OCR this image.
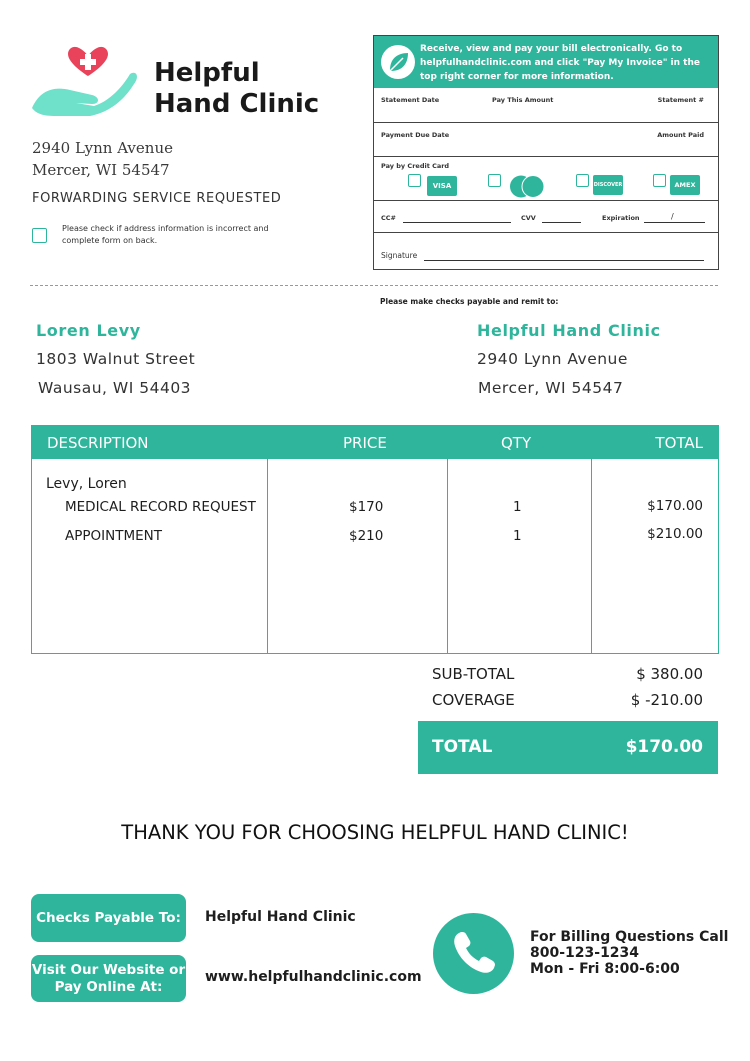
Helpful
Hand Clinic
2940 Lynn Avenue
Mercer, WI 54547
FORWARDING SERVICE REQUESTED
Please check if address information is incorrect and complete form on back.
Receive, view and pay your bill electronically. Go to helpfulhandclinic.com and click "Pay My Invoice" in the top right corner for more information.
Statement Date	Pay This Amount	Statement #
Payment Due Date	Amount Paid
Pay by Credit Card
VISA	DISCOVER	AMEX
CC#	CVV	Expiration	/
Signature
Please make checks payable and remit to:
Loren Levy
1803 Walnut Street
Wausau, WI 54403
Helpful Hand Clinic
2940 Lynn Avenue
Mercer, WI 54547
DESCRIPTION	PRICE	QTY	TOTAL
Levy, Loren
MEDICAL RECORD REQUEST	$170	1	$170.00
APPOINTMENT	$210	1	$210.00
SUB-TOTAL	$ 380.00
COVERAGE	$ -210.00
TOTAL	$170.00
THANK YOU FOR CHOOSING HELPFUL HAND CLINIC!
Checks Payable To:	Helpful Hand Clinic
Visit Our Website or Pay Online At:
www.helpfulhandclinic.com
For Billing Questions Call
800-123-1234
Mon - Fri 8:00-6:00
